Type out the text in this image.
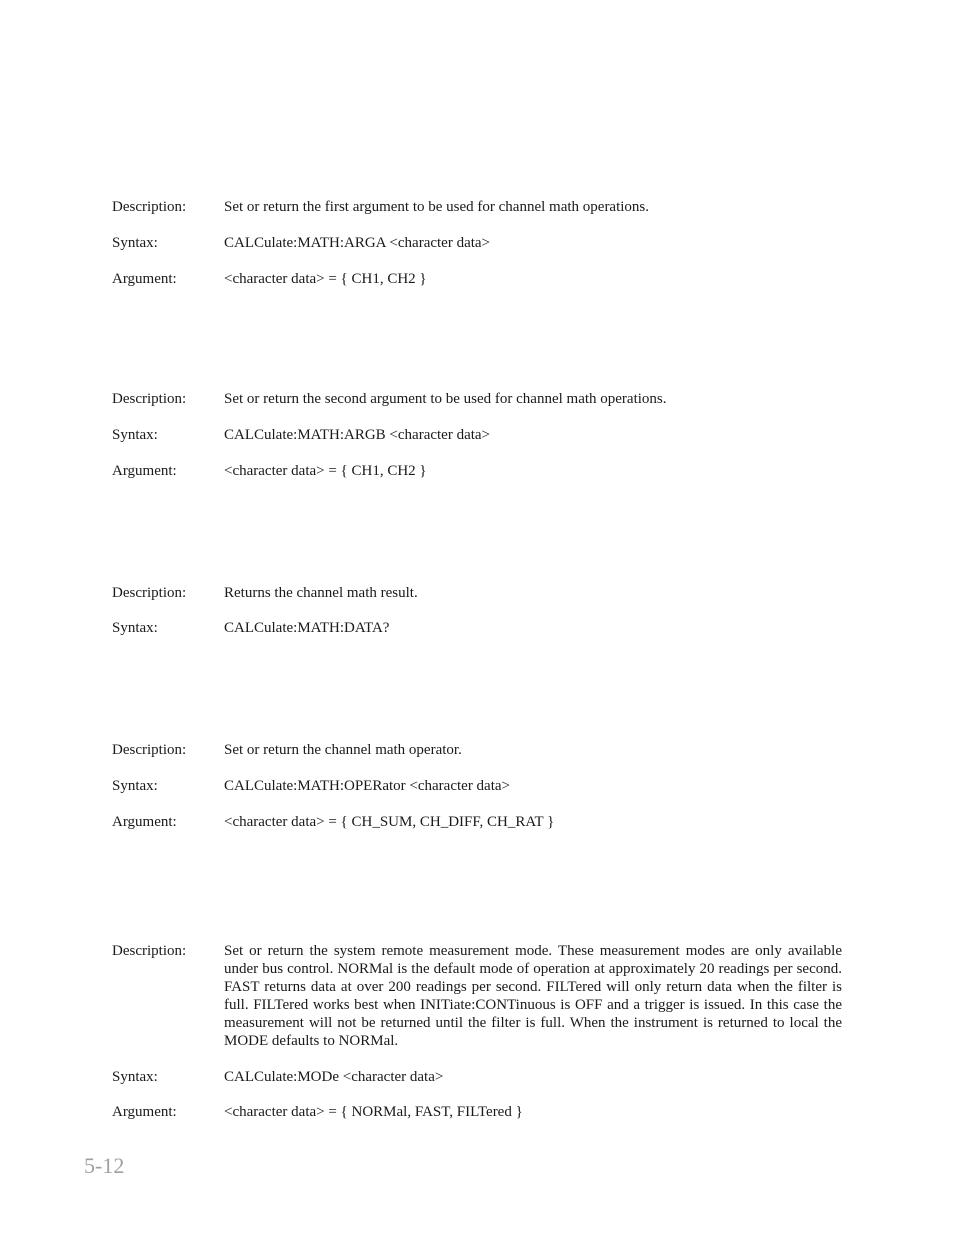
Description:	Set or return the first argument to be used for channel math operations.
Syntax:	CALCulate:MATH:ARGA <character data>
Argument:	<character data> = { CH1, CH2 }
Description:	Set or return the second argument to be used for channel math operations.
Syntax:	CALCulate:MATH:ARGB <character data>
Argument:	<character data> = { CH1, CH2 }
Description:	Returns the channel math result.
Syntax:	CALCulate:MATH:DATA?
Description:	Set or return the channel math operator.
Syntax:	CALCulate:MATH:OPERator <character data>
Argument:	<character data> = { CH_SUM, CH_DIFF, CH_RAT }
Description:	Set or return the system remote measurement mode. These measurement modes are only available under bus control. NORMal is the default mode of operation at approximately 20 readings per second. FAST returns data at over 200 readings per second. FILTered will only return data when the filter is full. FILTered works best when INITiate:CONTinuous is OFF and a trigger is issued. In this case the measurement will not be returned until the filter is full. When the instrument is returned to local the MODE defaults to NORMal.
Syntax:	CALCulate:MODe <character data>
Argument:	<character data> = { NORMal, FAST, FILTered }
5-12
